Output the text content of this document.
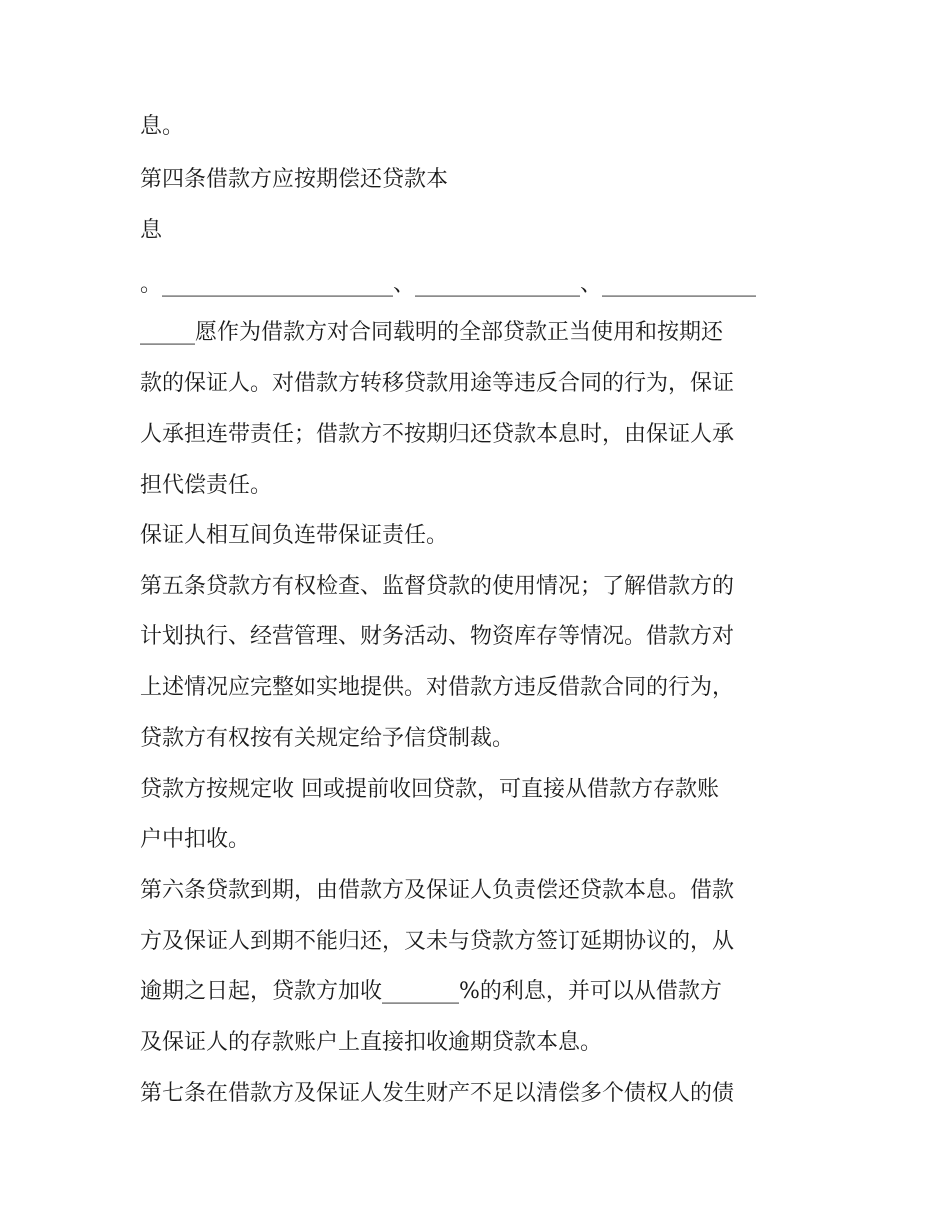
息。
第四条借款方应按期偿还贷款本
息
。_____________________、_______________、______________
_____愿作为借款方对合同载明的全部贷款正当使用和按期还
款的保证人。对借款方转移贷款用途等违反合同的行为，保证
人承担连带责任；借款方不按期归还贷款本息时，由保证人承
担代偿责任。
保证人相互间负连带保证责任。
第五条贷款方有权检查、监督贷款的使用情况；了解借款方的
计划执行、经营管理、财务活动、物资库存等情况。借款方对
上述情况应完整如实地提供。对借款方违反借款合同的行为，
贷款方有权按有关规定给予信贷制裁。
贷款方按规定收 回或提前收回贷款，可直接从借款方存款账
户中扣收。
第六条贷款到期，由借款方及保证人负责偿还贷款本息。借款
方及保证人到期不能归还，又未与贷款方签订延期协议的，从
逾期之日起，贷款方加收_______%的利息，并可以从借款方
及保证人的存款账户上直接扣收逾期贷款本息。
第七条在借款方及保证人发生财产不足以清偿多个债权人的债
